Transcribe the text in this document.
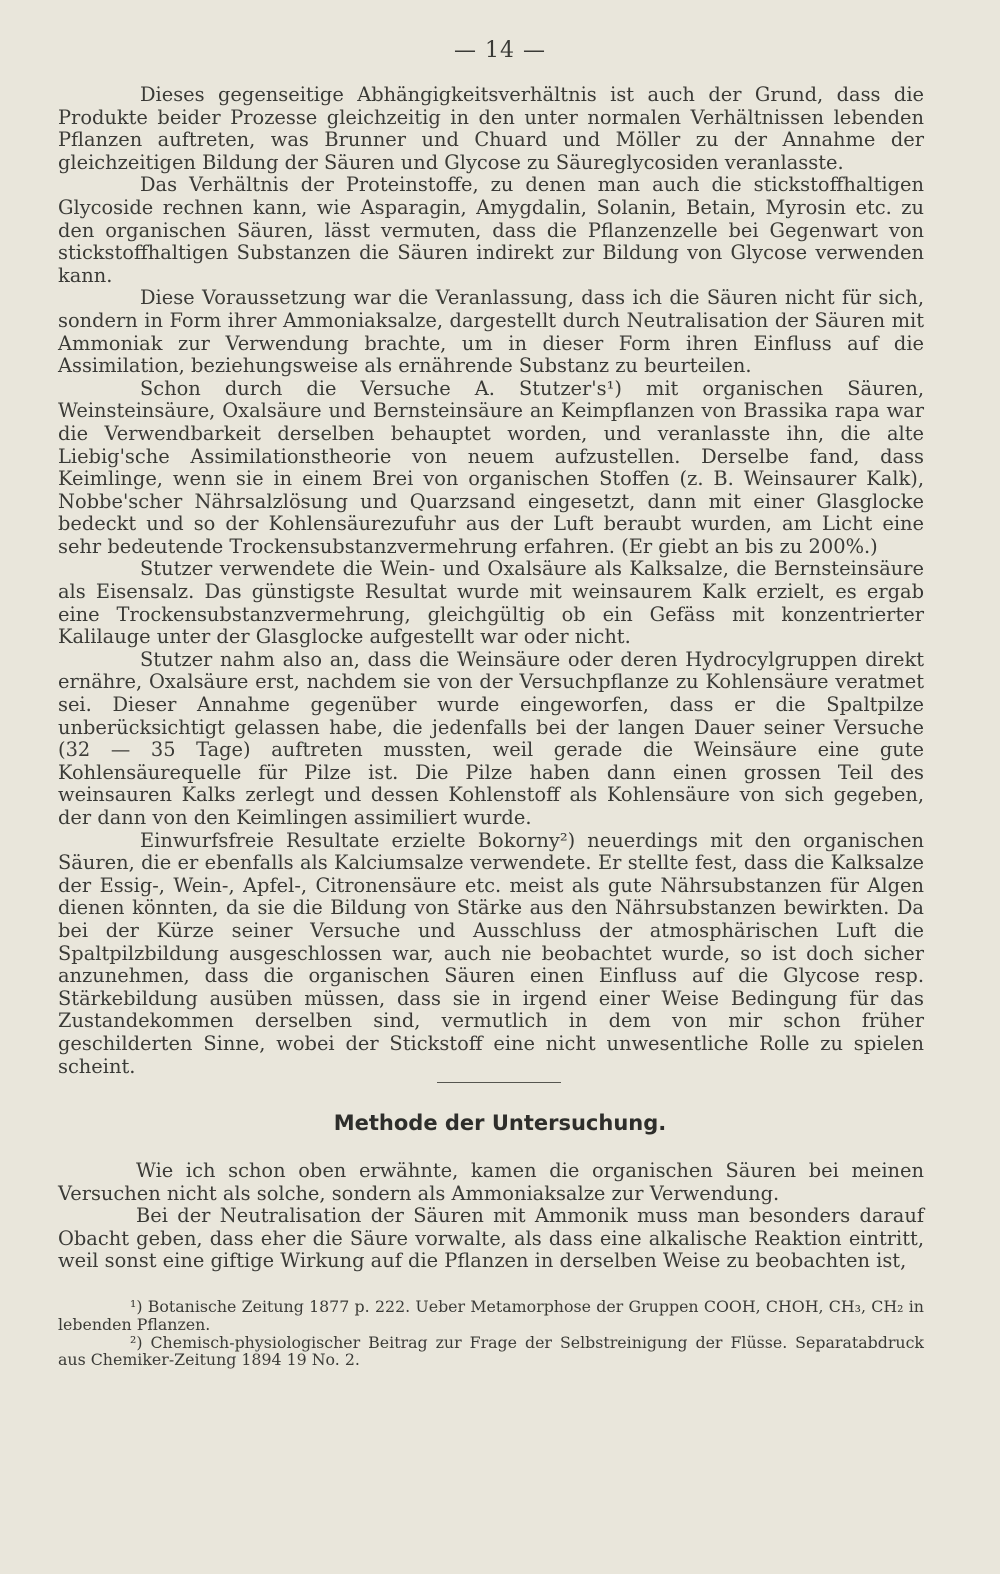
— 14 —

Dieses gegenseitige Abhängigkeitsverhältnis ist auch der Grund, dass die Produkte beider Prozesse gleichzeitig in den unter normalen Verhältnissen lebenden Pflanzen auftreten, was Brunner und Chuard und Möller zu der Annahme der gleichzeitigen Bildung der Säuren und Glycose zu Säureglycosiden veranlasste.

Das Verhältnis der Proteinstoffe, zu denen man auch die stickstoffhaltigen Glycoside rechnen kann, wie Asparagin, Amygdalin, Solanin, Betain, Myrosin etc. zu den organischen Säuren, lässt vermuten, dass die Pflanzenzelle bei Gegenwart von stickstoffhaltigen Substanzen die Säuren indirekt zur Bildung von Glycose verwenden kann.

Diese Voraussetzung war die Veranlassung, dass ich die Säuren nicht für sich, sondern in Form ihrer Ammoniaksalze, dargestellt durch Neutralisation der Säuren mit Ammoniak zur Verwendung brachte, um in dieser Form ihren Einfluss auf die Assimilation, beziehungsweise als ernährende Substanz zu beurteilen.

Schon durch die Versuche A. Stutzer's¹) mit organischen Säuren, Weinsteinsäure, Oxalsäure und Bernsteinsäure an Keimpflanzen von Brassika rapa war die Verwendbarkeit derselben behauptet worden, und veranlasste ihn, die alte Liebig'sche Assimilationstheorie von neuem aufzustellen. Derselbe fand, dass Keimlinge, wenn sie in einem Brei von organischen Stoffen (z. B. Weinsaurer Kalk), Nobbe'scher Nährsalzlösung und Quarzsand eingesetzt, dann mit einer Glasglocke bedeckt und so der Kohlensäurezufuhr aus der Luft beraubt wurden, am Licht eine sehr bedeutende Trockensubstanzvermehrung erfahren. (Er giebt an bis zu 200%.)

Stutzer verwendete die Wein- und Oxalsäure als Kalksalze, die Bernsteinsäure als Eisensalz. Das günstigste Resultat wurde mit weinsaurem Kalk erzielt, es ergab eine Trockensubstanzvermehrung, gleichgültig ob ein Gefäss mit konzentrierter Kalilauge unter der Glasglocke aufgestellt war oder nicht.

Stutzer nahm also an, dass die Weinsäure oder deren Hydrocylgruppen direkt ernähre, Oxalsäure erst, nachdem sie von der Versuchpflanze zu Kohlensäure veratmet sei. Dieser Annahme gegenüber wurde eingeworfen, dass er die Spaltpilze unberücksichtigt gelassen habe, die jedenfalls bei der langen Dauer seiner Versuche (32 — 35 Tage) auftreten mussten, weil gerade die Weinsäure eine gute Kohlensäurequelle für Pilze ist. Die Pilze haben dann einen grossen Teil des weinsauren Kalks zerlegt und dessen Kohlenstoff als Kohlensäure von sich gegeben, der dann von den Keimlingen assimiliert wurde.

Einwurfsfreie Resultate erzielte Bokorny²) neuerdings mit den organischen Säuren, die er ebenfalls als Kalciumsalze verwendete. Er stellte fest, dass die Kalksalze der Essig-, Wein-, Apfel-, Citronensäure etc. meist als gute Nährsubstanzen für Algen dienen könnten, da sie die Bildung von Stärke aus den Nährsubstanzen bewirkten. Da bei der Kürze seiner Versuche und Ausschluss der atmosphärischen Luft die Spaltpilzbildung ausgeschlossen war, auch nie beobachtet wurde, so ist doch sicher anzunehmen, dass die organischen Säuren einen Einfluss auf die Glycose resp. Stärkebildung ausüben müssen, dass sie in irgend einer Weise Bedingung für das Zustandekommen derselben sind, vermutlich in dem von mir schon früher geschilderten Sinne, wobei der Stickstoff eine nicht unwesentliche Rolle zu spielen scheint.

Methode der Untersuchung.

Wie ich schon oben erwähnte, kamen die organischen Säuren bei meinen Versuchen nicht als solche, sondern als Ammoniaksalze zur Verwendung.

Bei der Neutralisation der Säuren mit Ammonik muss man besonders darauf Obacht geben, dass eher die Säure vorwalte, als dass eine alkalische Reaktion eintritt, weil sonst eine giftige Wirkung auf die Pflanzen in derselben Weise zu beobachten ist,

¹) Botanische Zeitung 1877 p. 222. Ueber Metamorphose der Gruppen COOH, CHOH, CH₃, CH₂ in lebenden Pflanzen.

²) Chemisch-physiologischer Beitrag zur Frage der Selbstreinigung der Flüsse. Separatabdruck aus Chemiker-Zeitung 1894 19 No. 2.
